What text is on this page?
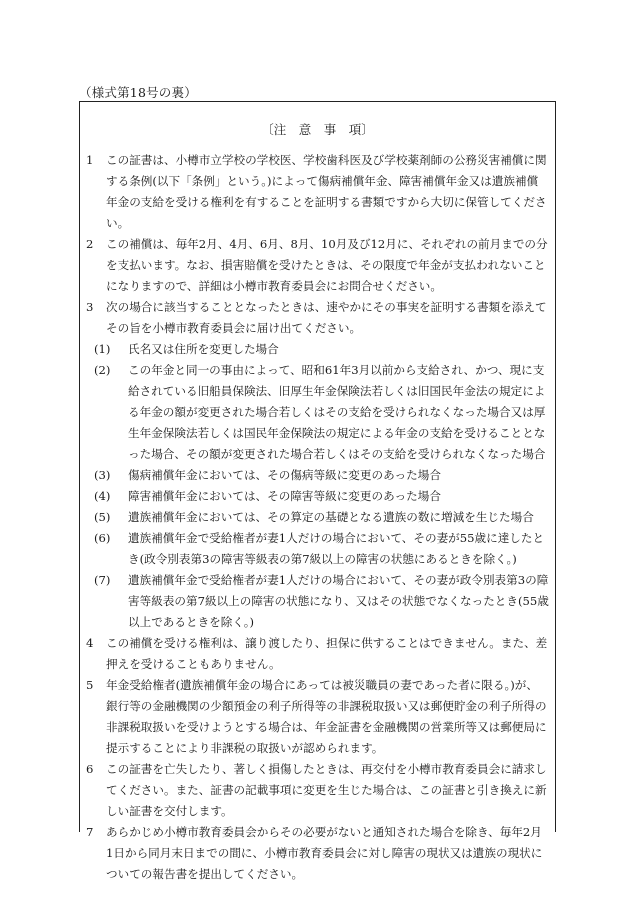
（様式第18号の裏）
〔注　意　事　項〕
1 この証書は、小樽市立学校の学校医、学校歯科医及び学校薬剤師の公務災害補償に関する条例(以下「条例」という。)によって傷病補償年金、障害補償年金又は遺族補償年金の支給を受ける権利を有することを証明する書類ですから大切に保管してください。
2 この補償は、毎年2月、4月、6月、8月、10月及び12月に、それぞれの前月までの分を支払います。なお、損害賠償を受けたときは、その限度で年金が支払われないことになりますので、詳細は小樽市教育委員会にお問合せください。
3 次の場合に該当することとなったときは、速やかにその事実を証明する書類を添えてその旨を小樽市教育委員会に届け出てください。
(1) 氏名又は住所を変更した場合
(2) この年金と同一の事由によって、昭和61年3月以前から支給され、かつ、現に支給されている旧船員保険法、旧厚生年金保険法若しくは旧国民年金法の規定による年金の額が変更された場合若しくはその支給を受けられなくなった場合又は厚生年金保険法若しくは国民年金保険法の規定による年金の支給を受けることとなった場合、その額が変更された場合若しくはその支給を受けられなくなった場合
(3) 傷病補償年金においては、その傷病等級に変更のあった場合
(4) 障害補償年金においては、その障害等級に変更のあった場合
(5) 遺族補償年金においては、その算定の基礎となる遺族の数に増減を生じた場合
(6) 遺族補償年金で受給権者が妻1人だけの場合において、その妻が55歳に達したとき(政令別表第3の障害等級表の第7級以上の障害の状態にあるときを除く。)
(7) 遺族補償年金で受給権者が妻1人だけの場合において、その妻が政令別表第3の障害等級表の第7級以上の障害の状態になり、又はその状態でなくなったとき(55歳以上であるときを除く。)
4 この補償を受ける権利は、譲り渡したり、担保に供することはできません。また、差押えを受けることもありません。
5 年金受給権者(遺族補償年金の場合にあっては被災職員の妻であった者に限る。)が、銀行等の金融機関の少額預金の利子所得等の非課税取扱い又は郵便貯金の利子所得の非課税取扱いを受けようとする場合は、年金証書を金融機関の営業所等又は郵便局に提示することにより非課税の取扱いが認められます。
6 この証書を亡失したり、著しく損傷したときは、再交付を小樽市教育委員会に請求してください。また、証書の記載事項に変更を生じた場合は、この証書と引き換えに新しい証書を交付します。
7 あらかじめ小樽市教育委員会からその必要がないと通知された場合を除き、毎年2月1日から同月末日までの間に、小樽市教育委員会に対し障害の現状又は遺族の現状についての報告書を提出してください。
